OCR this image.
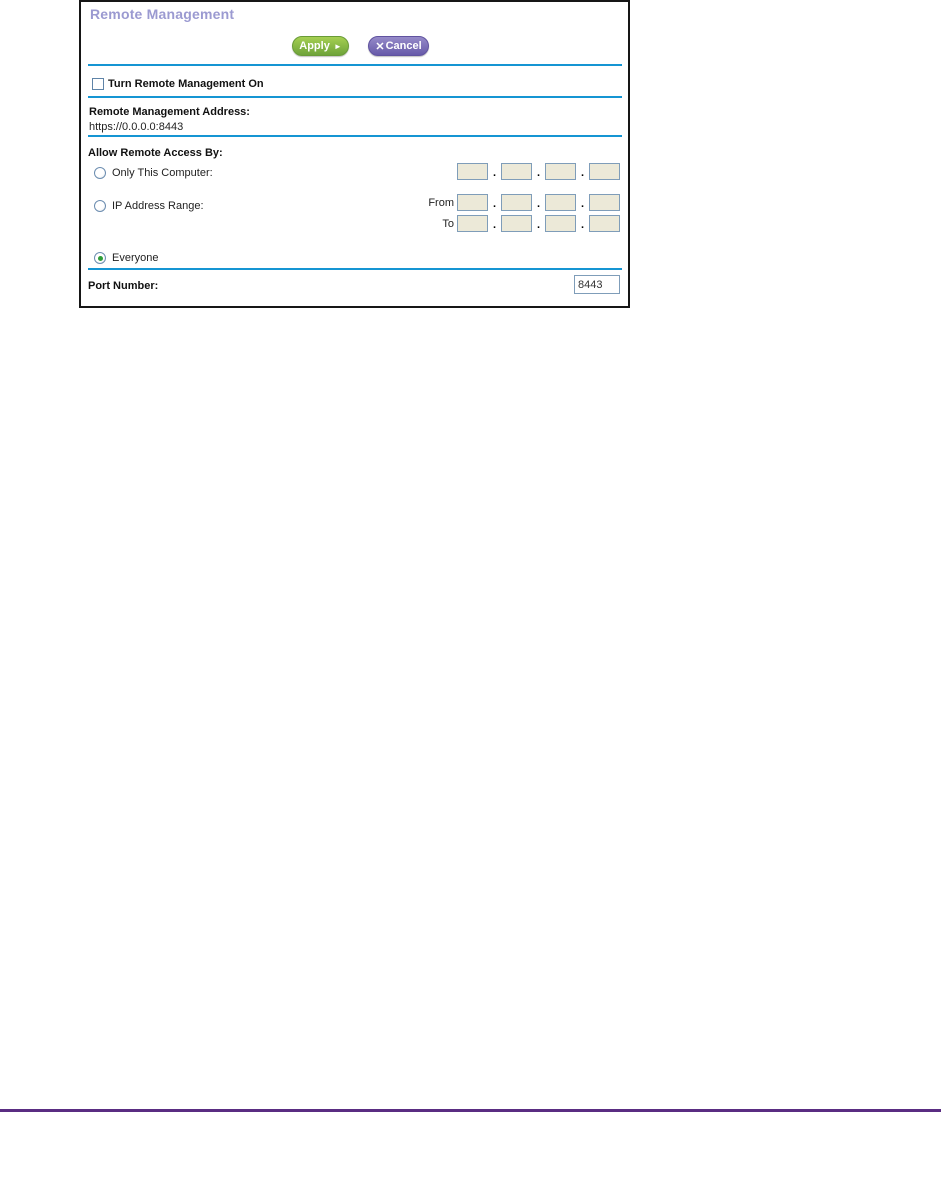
Remote Management
Apply ►	✕ Cancel
Turn Remote Management On
Remote Management Address:
https://0.0.0.0:8443
Allow Remote Access By:
Only This Computer:	.	.	.
IP Address Range:	From	.	.	.
To	.	.	.
Everyone
Port Number:
8443
